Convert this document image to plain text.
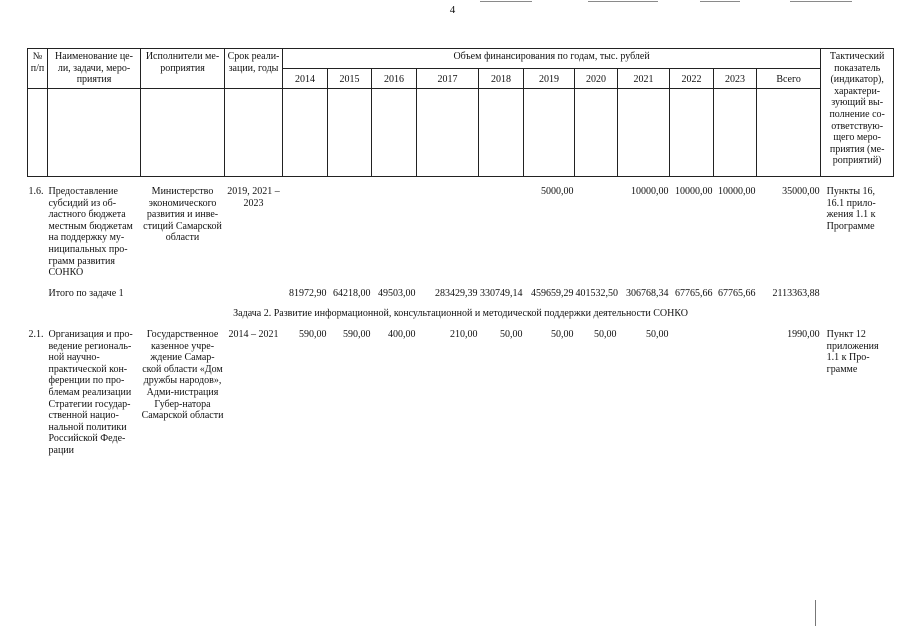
4
№ п/п	Наименование це-ли, задачи, меро-приятия	Исполнители ме-роприятия	Срок реали-зации, годы	Объем финансирования по годам, тыс. рублей											Тактический показатель (индикатор), характери-зующий вы-полнение со-ответствую-щего меро-приятия (ме-роприятий)
				2014	2015	2016	2017	2018	2019	2020	2021	2022	2023	Всего	

1.6.	Предоставление субсидий из об-ластного бюджета местным бюджетам на поддержку му-ниципальных про-грамм развития СОНКО	Министерство экономического развития и инве-стиций Самарской области	2019, 2021 – 2023						5000,00		10000,00	10000,00	10000,00	35000,00	Пункты 16, 16.1 прило-жения 1.1 к Программе

	Итого по задаче 1			81972,90	64218,00	49503,00	283429,39	330749,14	459659,29	401532,50	306768,34	67765,66	67765,66	2113363,88	

Задача 2. Развитие информационной, консультационной и методической поддержки деятельности СОНКО															

2.1.	Организация и про-ведение региональ-ной научно-практической кон-ференции по про-блемам реализации Стратегии государ-ственной нацио-нальной политики Российской Феде-рации	Государственное казенное учре-ждение Самар-ской области «Дом дружбы народов», Адми-нистрация Губер-натора Самарской области	2014 – 2021	590,00	590,00	400,00	210,00	50,00	50,00	50,00	50,00			1990,00	Пункт 12 приложения 1.1 к Про-грамме
